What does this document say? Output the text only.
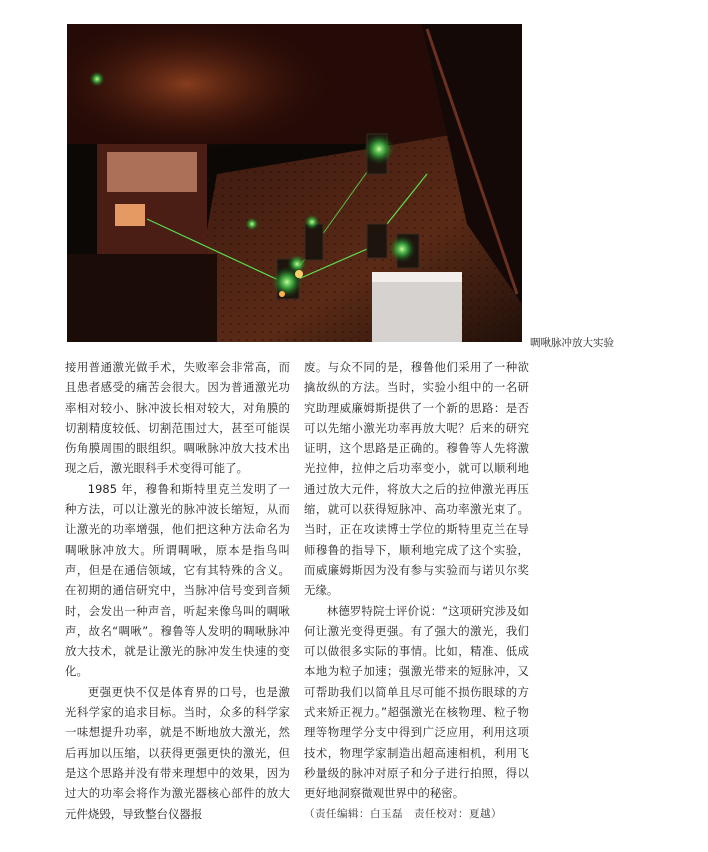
啁啾脉冲放大实验

接用普通激光做手术，失败率会非常高，而且患者感受的痛苦会很大。因为普通激光功率相对较小、脉冲波长相对较大，对角膜的切割精度较低、切割范围过大，甚至可能误伤角膜周围的眼组织。啁啾脉冲放大技术出现之后，激光眼科手术变得可能了。

1985 年，穆鲁和斯特里克兰发明了一种方法，可以让激光的脉冲波长缩短，从而让激光的功率增强，他们把这种方法命名为啁啾脉冲放大。所谓啁啾，原本是指鸟叫声，但是在通信领域，它有其特殊的含义。在初期的通信研究中，当脉冲信号变到音频时，会发出一种声音，听起来像鸟叫的啁啾声，故名“啁啾”。穆鲁等人发明的啁啾脉冲放大技术，就是让激光的脉冲发生快速的变化。

更强更快不仅是体育界的口号，也是激光科学家的追求目标。当时，众多的科学家一味想提升功率，就是不断地放大激光，然后再加以压缩，以获得更强更快的激光，但是这个思路并没有带来理想中的效果，因为过大的功率会将作为激光器核心部件的放大元件烧毁，导致整台仪器报

废。与众不同的是，穆鲁他们采用了一种欲擒故纵的方法。当时，实验小组中的一名研究助理威廉姆斯提供了一个新的思路：是否可以先缩小激光功率再放大呢？后来的研究证明，这个思路是正确的。穆鲁等人先将激光拉伸，拉伸之后功率变小，就可以顺利地通过放大元件，将放大之后的拉伸激光再压缩，就可以获得短脉冲、高功率激光束了。当时，正在攻读博士学位的斯特里克兰在导师穆鲁的指导下，顺利地完成了这个实验，而威廉姆斯因为没有参与实验而与诺贝尔奖无缘。

林德罗特院士评价说：“这项研究涉及如何让激光变得更强。有了强大的激光，我们可以做很多实际的事情。比如，精准、低成本地为粒子加速；强激光带来的短脉冲，又可帮助我们以简单且尽可能不损伤眼球的方式来矫正视力。”超强激光在核物理、粒子物理等物理学分支中得到广泛应用，利用这项技术，物理学家制造出超高速相机，利用飞秒量级的脉冲对原子和分子进行拍照，得以更好地洞察微观世界中的秘密。

（责任编辑：白玉磊　责任校对：夏越）
